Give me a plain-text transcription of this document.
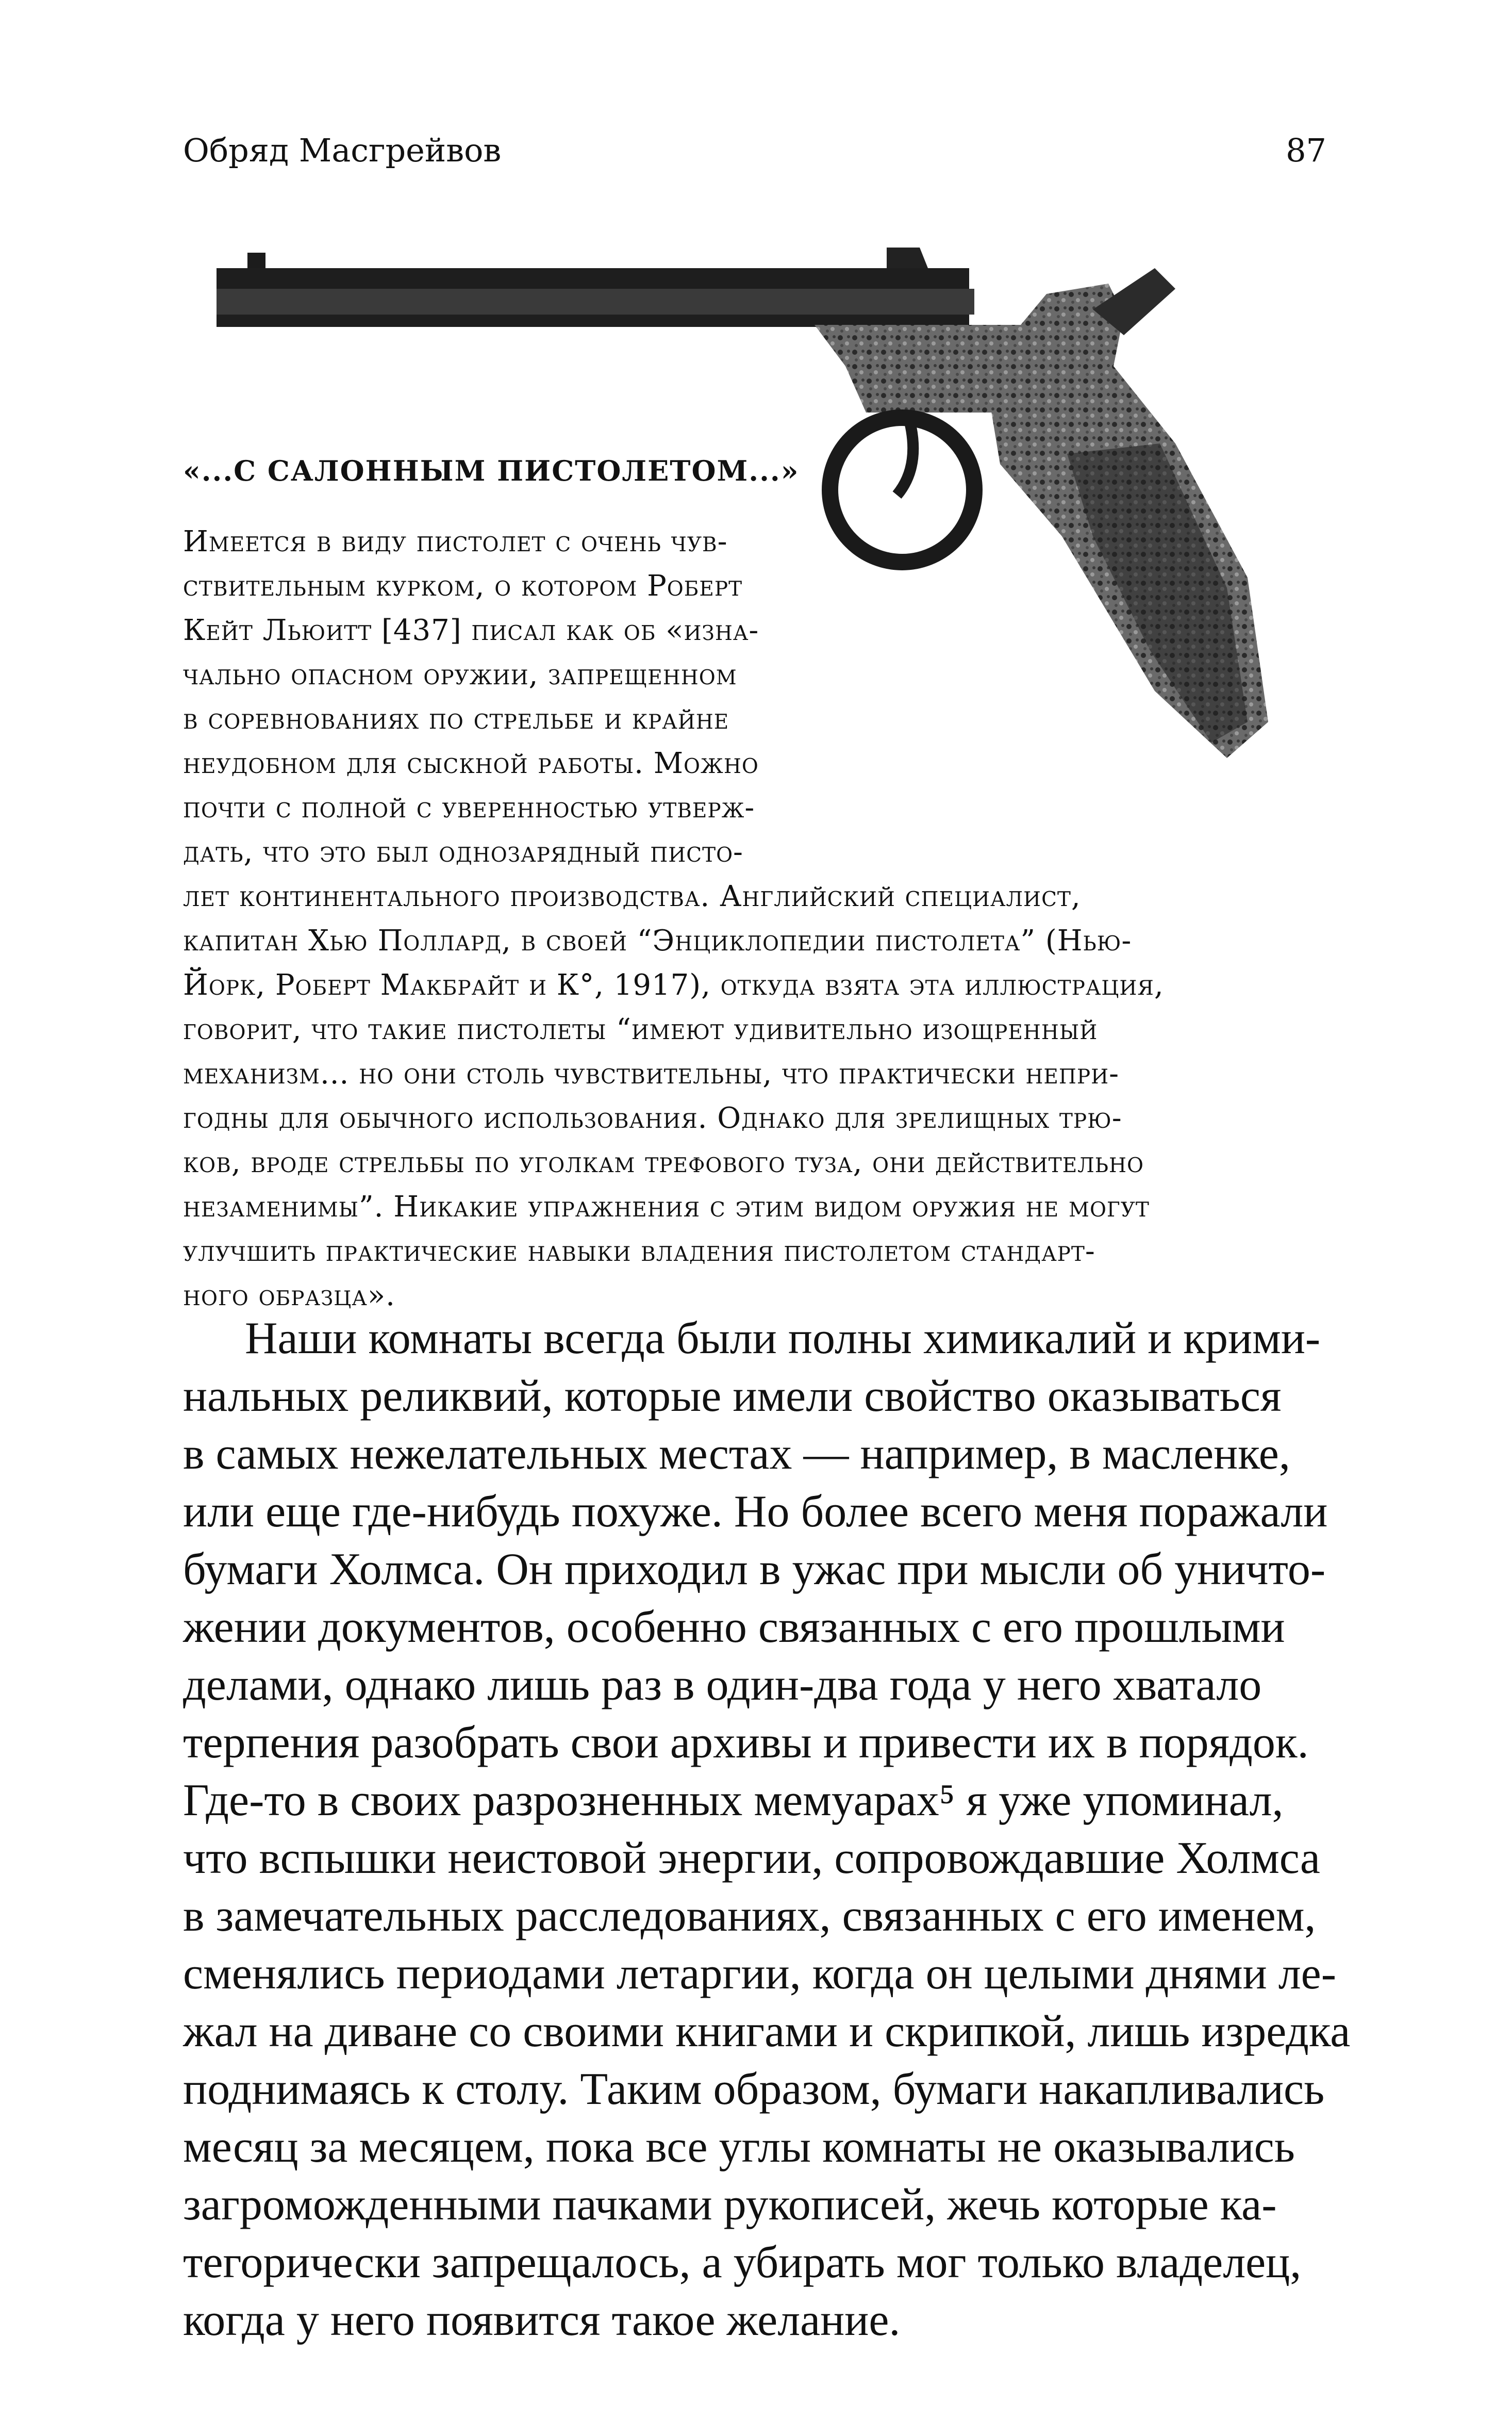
Обряд Масгрейвов	87
«...С САЛОННЫМ ПИСТОЛЕТОМ...»
Имеется в виду пистолет с очень чув-
ствительным курком, о котором Роберт
Кейт Льюитт [437] писал как об «изна-
чально опасном оружии, запрещенном
в соревнованиях по стрельбе и крайне
неудобном для сыскной работы. Можно
почти с полной с уверенностью утверж-
дать, что это был однозарядный писто-
лет континентального производства. Английский специалист,
капитан Хью Поллард, в своей “Энциклопедии пистолета” (Нью-
Йорк, Роберт Макбрайт и К°, 1917), откуда взята эта иллюстрация,
говорит, что такие пистолеты “имеют удивительно изощренный
механизм... но они столь чувствительны, что практически непри-
годны для обычного использования. Однако для зрелищных трю-
ков, вроде стрельбы по уголкам трефового туза, они действительно
незаменимы”. Никакие упражнения с этим видом оружия не могут
улучшить практические навыки владения пистолетом стандарт-
ного образца».
Наши комнаты всегда были полны химикалий и крими-
нальных реликвий, которые имели свойство оказываться
в самых нежелательных местах — например, в масленке,
или еще где-нибудь похуже. Но более всего меня поражали
бумаги Холмса. Он приходил в ужас при мысли об уничто-
жении документов, особенно связанных с его прошлыми
делами, однако лишь раз в один-два года у него хватало
терпения разобрать свои архивы и привести их в порядок.
Где-то в своих разрозненных мемуарах⁵ я уже упоминал,
что вспышки неистовой энергии, сопровождавшие Холмса
в замечательных расследованиях, связанных с его именем,
сменялись периодами летаргии, когда он целыми днями ле-
жал на диване со своими книгами и скрипкой, лишь изредка
поднимаясь к столу. Таким образом, бумаги накапливались
месяц за месяцем, пока все углы комнаты не оказывались
загроможденными пачками рукописей, жечь которые ка-
тегорически запрещалось, а убирать мог только владелец,
когда у него появится такое желание.
